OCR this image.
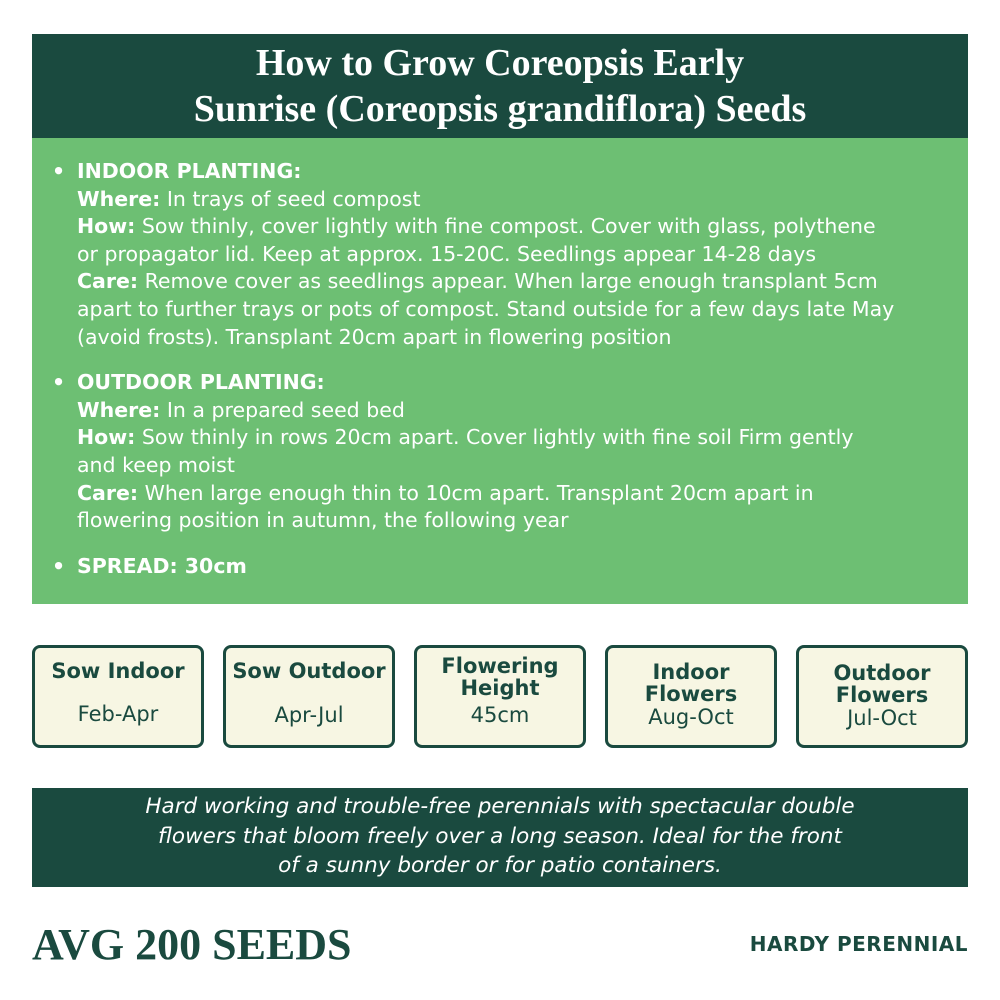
How to Grow Coreopsis Early
Sunrise (Coreopsis grandiflora) Seeds
• INDOOR PLANTING:
Where: In trays of seed compost
How: Sow thinly, cover lightly with fine compost. Cover with glass, polythene
or propagator lid. Keep at approx. 15-20C. Seedlings appear 14-28 days
Care: Remove cover as seedlings appear. When large enough transplant 5cm
apart to further trays or pots of compost. Stand outside for a few days late May
(avoid frosts). Transplant 20cm apart in flowering position
• OUTDOOR PLANTING:
Where: In a prepared seed bed
How: Sow thinly in rows 20cm apart. Cover lightly with fine soil Firm gently
and keep moist
Care: When large enough thin to 10cm apart. Transplant 20cm apart in
flowering position in autumn, the following year
• SPREAD: 30cm
Sow Indoor
Feb-Apr
Sow Outdoor
Apr-Jul
Flowering
Height
45cm
Indoor
Flowers
Aug-Oct
Outdoor
Flowers
Jul-Oct
Hard working and trouble-free perennials with spectacular double
flowers that bloom freely over a long season. Ideal for the front
of a sunny border or for patio containers.
AVG 200 SEEDS	HARDY PERENNIAL
